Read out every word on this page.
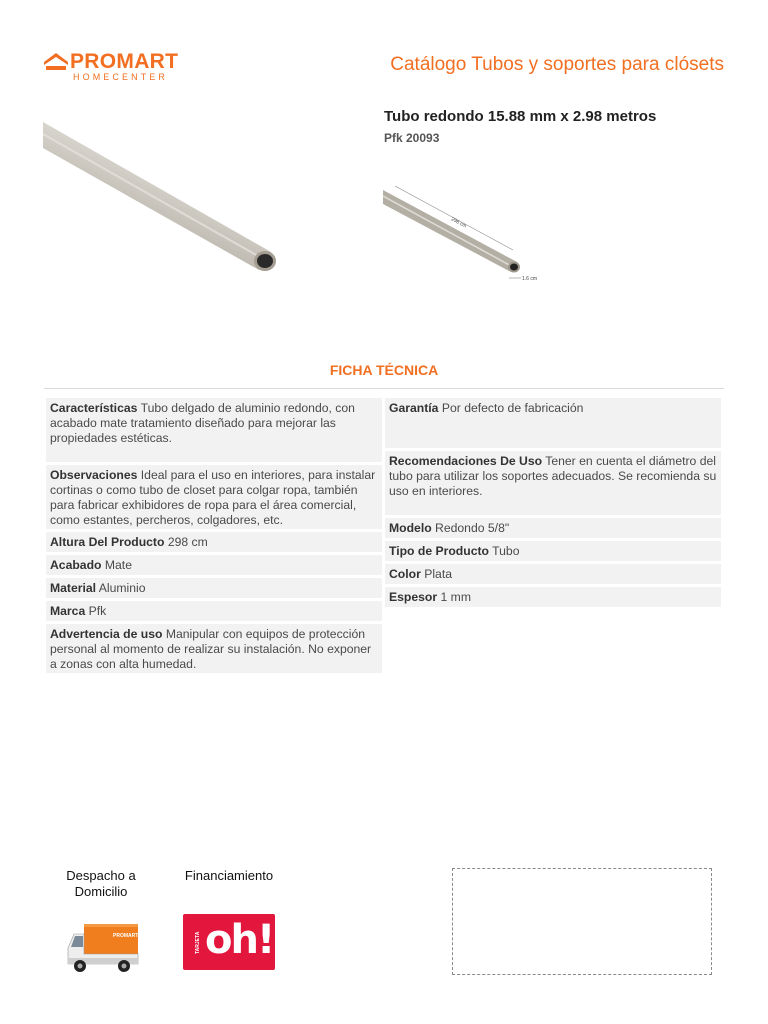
PROMART
HOMECENTER
Catálogo Tubos y soportes para clósets
Tubo redondo 15.88 mm x 2.98 metros
Pfk 20093
298 cm
1.6 cm
FICHA TÉCNICA
Características Tubo delgado de aluminio redondo, con acabado mate tratamiento diseñado para mejorar las propiedades estéticas.
Observaciones Ideal para el uso en interiores, para instalar cortinas o como tubo de closet para colgar ropa, también para fabricar exhibidores de ropa para el área comercial, como estantes, percheros, colgadores, etc.
Altura Del Producto 298 cm
Acabado Mate
Material Aluminio
Marca Pfk
Advertencia de uso Manipular con equipos de protección personal al momento de realizar su instalación. No exponer a zonas con alta humedad.
Garantía Por defecto de fabricación
Recomendaciones De Uso Tener en cuenta el diámetro del tubo para utilizar los soportes adecuados. Se recomienda su uso en interiores.
Modelo Redondo 5/8"
Tipo de Producto Tubo
Color Plata
Espesor 1 mm
Despacho a Domicilio
Financiamiento
PROMART	TARJETA oh!
